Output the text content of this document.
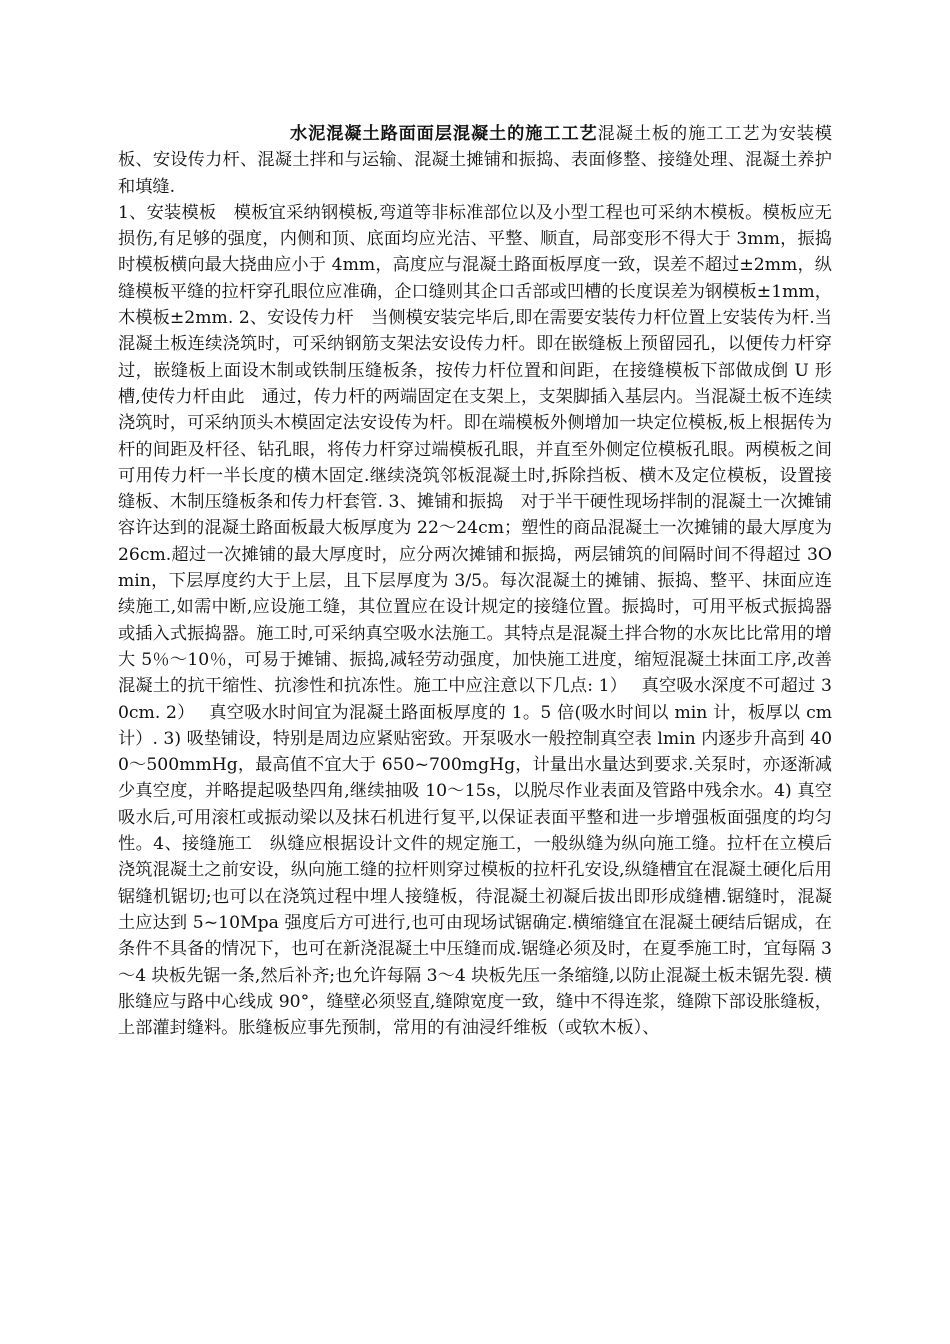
水泥混凝土路面面层混凝土的施工工艺混凝土板的施工工艺为安装模板、安设传力杆、混凝土拌和与运输、混凝土摊铺和振捣、表面修整、接缝处理、混凝土养护和填缝.

1、安装模板　模板宜采纳钢模板,弯道等非标准部位以及小型工程也可采纳木模板。模板应无损伤,有足够的强度，内侧和顶、底面均应光洁、平整、顺直，局部变形不得大于 3mm，振捣时模板横向最大挠曲应小于 4mm，高度应与混凝土路面板厚度一致，误差不超过±2mm，纵缝模板平缝的拉杆穿孔眼位应准确，企口缝则其企口舌部或凹槽的长度误差为钢模板±1mm，木模板±2mm. 2、安设传力杆　当侧模安装完毕后,即在需要安装传力杆位置上安装传为杆.当混凝土板连续浇筑时，可采纳钢筋支架法安设传力杆。即在嵌缝板上预留园孔，以便传力杆穿过，嵌缝板上面设木制或铁制压缝板条，按传力杆位置和间距，在接缝模板下部做成倒 U 形槽,使传力杆由此　通过，传力杆的两端固定在支架上，支架脚插入基层内。当混凝土板不连续浇筑时，可采纳顶头木模固定法安设传为杆。即在端模板外侧增加一块定位模板,板上根据传为杆的间距及杆径、钻孔眼，将传力杆穿过端模板孔眼，并直至外侧定位模板孔眼。两模板之间可用传力杆一半长度的横木固定.继续浇筑邻板混凝土时,拆除挡板、横木及定位模板，设置接缝板、木制压缝板条和传力杆套管. 3、摊铺和振捣　对于半干硬性现场拌制的混凝土一次摊铺容许达到的混凝土路面板最大板厚度为 22～24cm；塑性的商品混凝土一次摊铺的最大厚度为 26cm.超过一次摊铺的最大厚度时，应分两次摊铺和振捣，两层铺筑的间隔时间不得超过 3Omin，下层厚度约大于上层，且下层厚度为 3/5。每次混凝土的摊铺、振捣、整平、抹面应连续施工,如需中断,应设施工缝，其位置应在设计规定的接缝位置。振捣时，可用平板式振捣器或插入式振捣器。施工时,可采纳真空吸水法施工。其特点是混凝土拌合物的水灰比比常用的增大 5％～10％，可易于摊铺、振捣,减轻劳动强度，加快施工进度，缩短混凝土抹面工序,改善混凝土的抗干缩性、抗渗性和抗冻性。施工中应注意以下几点: 1）　 真空吸水深度不可超过 30cm. 2）　 真空吸水时间宜为混凝土路面板厚度的 1。5 倍(吸水时间以 min 计，板厚以 cm 计）. 3) 吸垫铺设，特别是周边应紧贴密致。开泵吸水一般控制真空表 lmin 内逐步升高到 400～500mmHg，最高值不宜大于 650~700mgHg，计量出水量达到要求.关泵时，亦逐渐减少真空度，并略提起吸垫四角,继续抽吸 10～15s，以脱尽作业表面及管路中残余水。4) 真空吸水后,可用滚杠或振动梁以及抹石机进行复平,以保证表面平整和进一步增强板面强度的均匀性。4、接缝施工　纵缝应根据设计文件的规定施工，一般纵缝为纵向施工缝。拉杆在立模后浇筑混凝土之前安设，纵向施工缝的拉杆则穿过模板的拉杆孔安设,纵缝槽宜在混凝土硬化后用锯缝机锯切;也可以在浇筑过程中埋人接缝板，待混凝土初凝后拔出即形成缝槽.锯缝时，混凝土应达到 5~10Mpa 强度后方可进行,也可由现场试锯确定.横缩缝宜在混凝土硬结后锯成，在条件不具备的情况下，也可在新浇混凝土中压缝而成.锯缝必须及时，在夏季施工时，宜每隔 3～4 块板先锯一条,然后补齐;也允许每隔 3～4 块板先压一条缩缝,以防止混凝土板未锯先裂. 横胀缝应与路中心线成 90°，缝壁必须竖直,缝隙宽度一致，缝中不得连浆，缝隙下部设胀缝板，上部灌封缝料。胀缝板应事先预制，常用的有油浸纤维板（或软木板）、
